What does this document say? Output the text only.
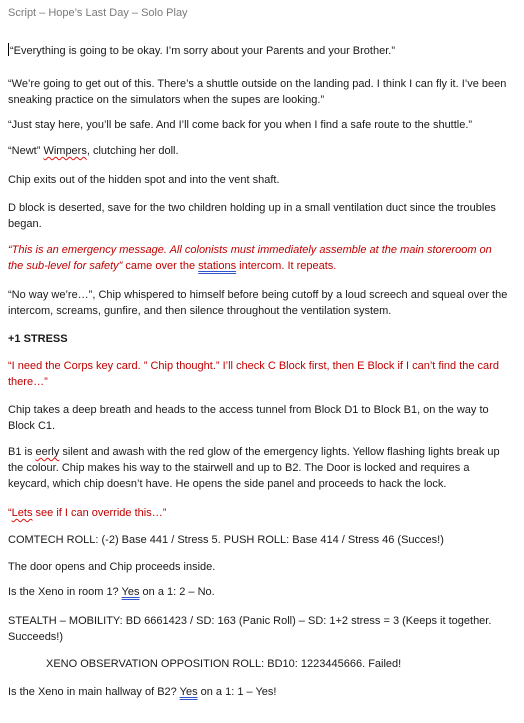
Script – Hope’s Last Day – Solo Play

“Everything is going to be okay. I’m sorry about your Parents and your Brother.”

“We’re going to get out of this. There’s a shuttle outside on the landing pad. I think I can fly it. I’ve been sneaking practice on the simulators when the supes are looking.”

“Just stay here, you’ll be safe. And I’ll come back for you when I find a safe route to the shuttle.”

“Newt” Wimpers, clutching her doll.

Chip exits out of the hidden spot and into the vent shaft.

D block is deserted, save for the two children holding up in a small ventilation duct since the troubles began.

“This is an emergency message. All colonists must immediately assemble at the main storeroom on the sub-level for safety” came over the stations intercom. It repeats.

“No way we’re…”, Chip whispered to himself before being cutoff by a loud screech and squeal over the intercom, screams, gunfire, and then silence throughout the ventilation system.

+1 STRESS

“I need the Corps key card. ” Chip thought.” I’ll check C Block first, then E Block if I can’t find the card there…”

Chip takes a deep breath and heads to the access tunnel from Block D1 to Block B1, on the way to Block C1.

B1 is eerly silent and awash with the red glow of the emergency lights. Yellow flashing lights break up the colour. Chip makes his way to the stairwell and up to B2. The Door is locked and requires a keycard, which chip doesn’t have. He opens the side panel and proceeds to hack the lock.

“Lets see if I can override this…”

COMTECH ROLL: (-2) Base 441 / Stress 5. PUSH ROLL: Base 414 / Stress 46 (Succes!)

The door opens and Chip proceeds inside.

Is the Xeno in room 1? Yes on a 1: 2 – No.

STEALTH – MOBILITY: BD 6661423 / SD: 163 (Panic Roll) – SD: 1+2 stress = 3 (Keeps it together. Succeeds!)

XENO OBSERVATION OPPOSITION ROLL: BD10: 1223445666. Failed!

Is the Xeno in main hallway of B2? Yes on a 1: 1 – Yes!
